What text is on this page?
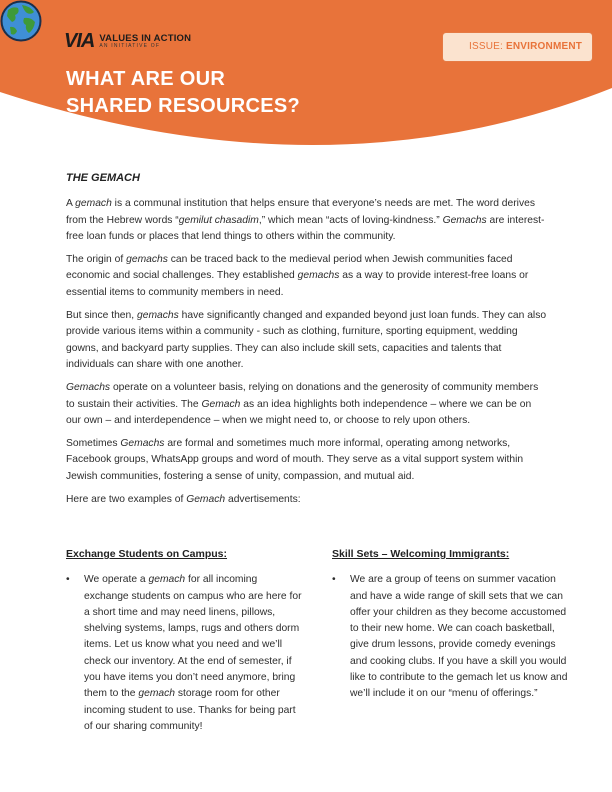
VIA VALUES IN ACTION
AN INITIATIVE OF
WHAT ARE OUR
SHARED RESOURCES?
ISSUE: ENVIRONMENT
THE GEMACH

A gemach is a communal institution that helps ensure that everyone’s needs are met. The word derives from the Hebrew words “gemilut chasadim,” which mean “acts of loving-kindness.” Gemachs are interest-free loan funds or places that lend things to others within the community.

The origin of gemachs can be traced back to the medieval period when Jewish communities faced economic and social challenges. They established gemachs as a way to provide interest-free loans or essential items to community members in need.

But since then, gemachs have significantly changed and expanded beyond just loan funds. They can also provide various items within a community - such as clothing, furniture, sporting equipment, wedding gowns, and backyard party supplies. They can also include skill sets, capacities and talents that individuals can share with one another.

Gemachs operate on a volunteer basis, relying on donations and the generosity of community members to sustain their activities. The Gemach as an idea highlights both independence – where we can be on our own – and interdependence – when we might need to, or choose to rely upon others.

Sometimes Gemachs are formal and sometimes much more informal, operating among networks, Facebook groups, WhatsApp groups and word of mouth. They serve as a vital support system within Jewish communities, fostering a sense of unity, compassion, and mutual aid.

Here are two examples of Gemach advertisements:

Exchange Students on Campus:
• We operate a gemach for all incoming exchange students on campus who are here for a short time and may need linens, pillows, shelving systems, lamps, rugs and others dorm items. Let us know what you need and we’ll check our inventory. At the end of semester, if you have items you don’t need anymore, bring them to the gemach storage room for other incoming student to use. Thanks for being part of our sharing community!
Skill Sets – Welcoming Immigrants:
• We are a group of teens on summer vacation and have a wide range of skill sets that we can offer your children as they become accustomed to their new home. We can coach basketball, give drum lessons, provide comedy evenings and cooking clubs. If you have a skill you would like to contribute to the gemach let us know and we’ll include it on our “menu of offerings.”
